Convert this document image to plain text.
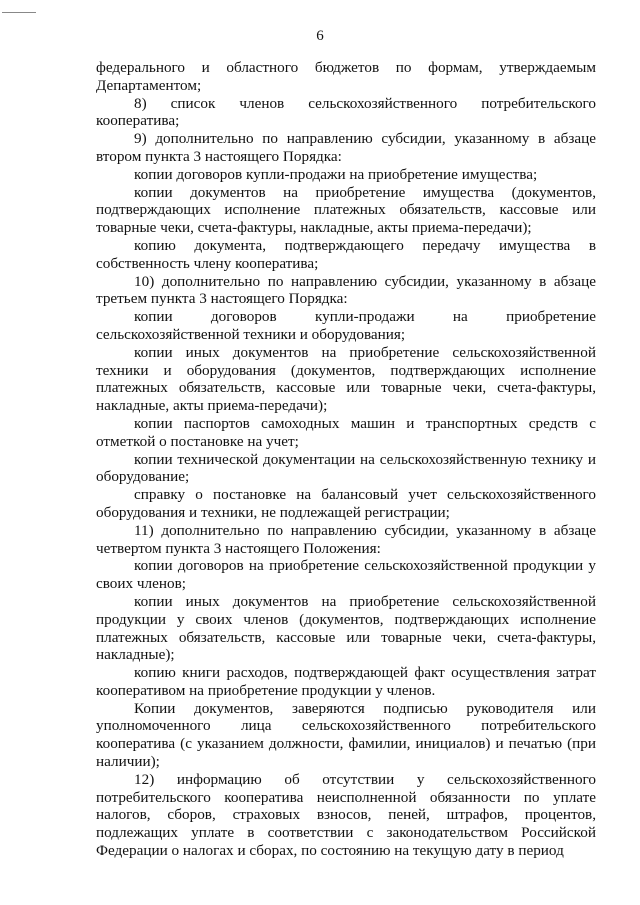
6

федерального и областного бюджетов по формам, утверждаемым Департаментом;

8) список членов сельскохозяйственного потребительского кооператива;

9) дополнительно по направлению субсидии, указанному в абзаце втором пункта 3 настоящего Порядка:

копии договоров купли-продажи на приобретение имущества;

копии документов на приобретение имущества (документов, подтверждающих исполнение платежных обязательств, кассовые или товарные чеки, счета-фактуры, накладные, акты приема-передачи);

копию документа, подтверждающего передачу имущества в собственность члену кооператива;

10) дополнительно по направлению субсидии, указанному в абзаце третьем пункта 3 настоящего Порядка:

копии договоров купли-продажи на приобретение сельскохозяйственной техники и оборудования;

копии иных документов на приобретение сельскохозяйственной техники и оборудования (документов, подтверждающих исполнение платежных обязательств, кассовые или товарные чеки, счета-фактуры, накладные, акты приема-передачи);

копии паспортов самоходных машин и транспортных средств с отметкой о постановке на учет;

копии технической документации на сельскохозяйственную технику и оборудование;

справку о постановке на балансовый учет сельскохозяйственного оборудования и техники, не подлежащей регистрации;

11) дополнительно по направлению субсидии, указанному в абзаце четвертом пункта 3 настоящего Положения:

копии договоров на приобретение сельскохозяйственной продукции у своих членов;

копии иных документов на приобретение сельскохозяйственной продукции у своих членов (документов, подтверждающих исполнение платежных обязательств, кассовые или товарные чеки, счета-фактуры, накладные);

копию книги расходов, подтверждающей факт осуществления затрат кооперативом на приобретение продукции у членов.

Копии документов, заверяются подписью руководителя или уполномоченного лица сельскохозяйственного потребительского кооператива (с указанием должности, фамилии, инициалов) и печатью (при наличии);

12) информацию об отсутствии у сельскохозяйственного потребительского кооператива неисполненной обязанности по уплате налогов, сборов, страховых взносов, пеней, штрафов, процентов, подлежащих уплате в соответствии с законодательством Российской Федерации о налогах и сборах, по состоянию на текущую дату в период
